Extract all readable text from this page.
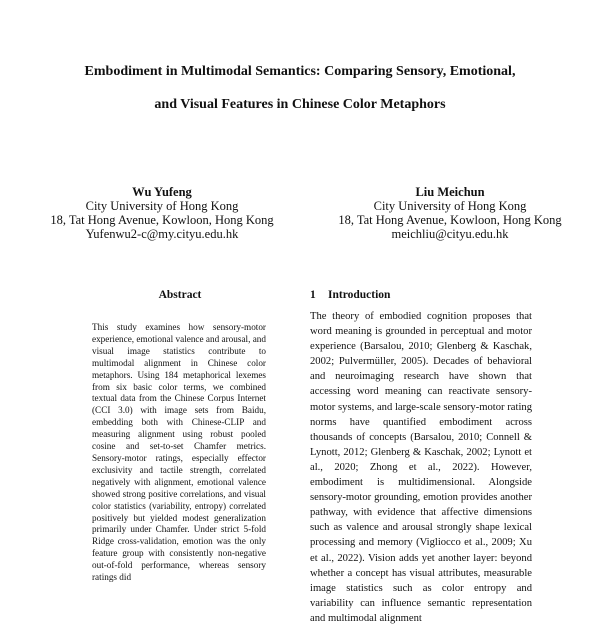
Embodiment in Multimodal Semantics: Comparing Sensory, Emotional,
and Visual Features in Chinese Color Metaphors
Wu Yufeng
City University of Hong Kong
18, Tat Hong Avenue, Kowloon, Hong Kong
Yufenwu2-c@my.cityu.edu.hk
Liu Meichun
City University of Hong Kong
18, Tat Hong Avenue, Kowloon, Hong Kong
meichliu@cityu.edu.hk
Abstract
This study examines how sensory-motor experience, emotional valence and arousal, and visual image statistics contribute to multimodal alignment in Chinese color metaphors. Using 184 metaphorical lexemes from six basic color terms, we combined textual data from the Chinese Corpus Internet (CCI 3.0) with image sets from Baidu, embedding both with Chinese-CLIP and measuring alignment using robust pooled cosine and set-to-set Chamfer metrics. Sensory-motor ratings, especially effector exclusivity and tactile strength, correlated negatively with alignment, emotional valence showed strong positive correlations, and visual color statistics (variability, entropy) correlated positively but yielded modest generalization primarily under Chamfer. Under strict 5-fold Ridge cross-validation, emotion was the only feature group with consistently non-negative out-of-fold performance, whereas sensory ratings did
1 Introduction
The theory of embodied cognition proposes that word meaning is grounded in perceptual and motor experience (Barsalou, 2010; Glenberg & Kaschak, 2002; Pulvermüller, 2005). Decades of behavioral and neuroimaging research have shown that accessing word meaning can reactivate sensory-motor systems, and large-scale sensory-motor rating norms have quantified embodiment across thousands of concepts (Barsalou, 2010; Connell & Lynott, 2012; Glenberg & Kaschak, 2002; Lynott et al., 2020; Zhong et al., 2022). However, embodiment is multidimensional. Alongside sensory-motor grounding, emotion provides another pathway, with evidence that affective dimensions such as valence and arousal strongly shape lexical processing and memory (Vigliocco et al., 2009; Xu et al., 2022). Vision adds yet another layer: beyond whether a concept has visual attributes, measurable image statistics such as color entropy and variability can influence semantic representation and multimodal alignment
